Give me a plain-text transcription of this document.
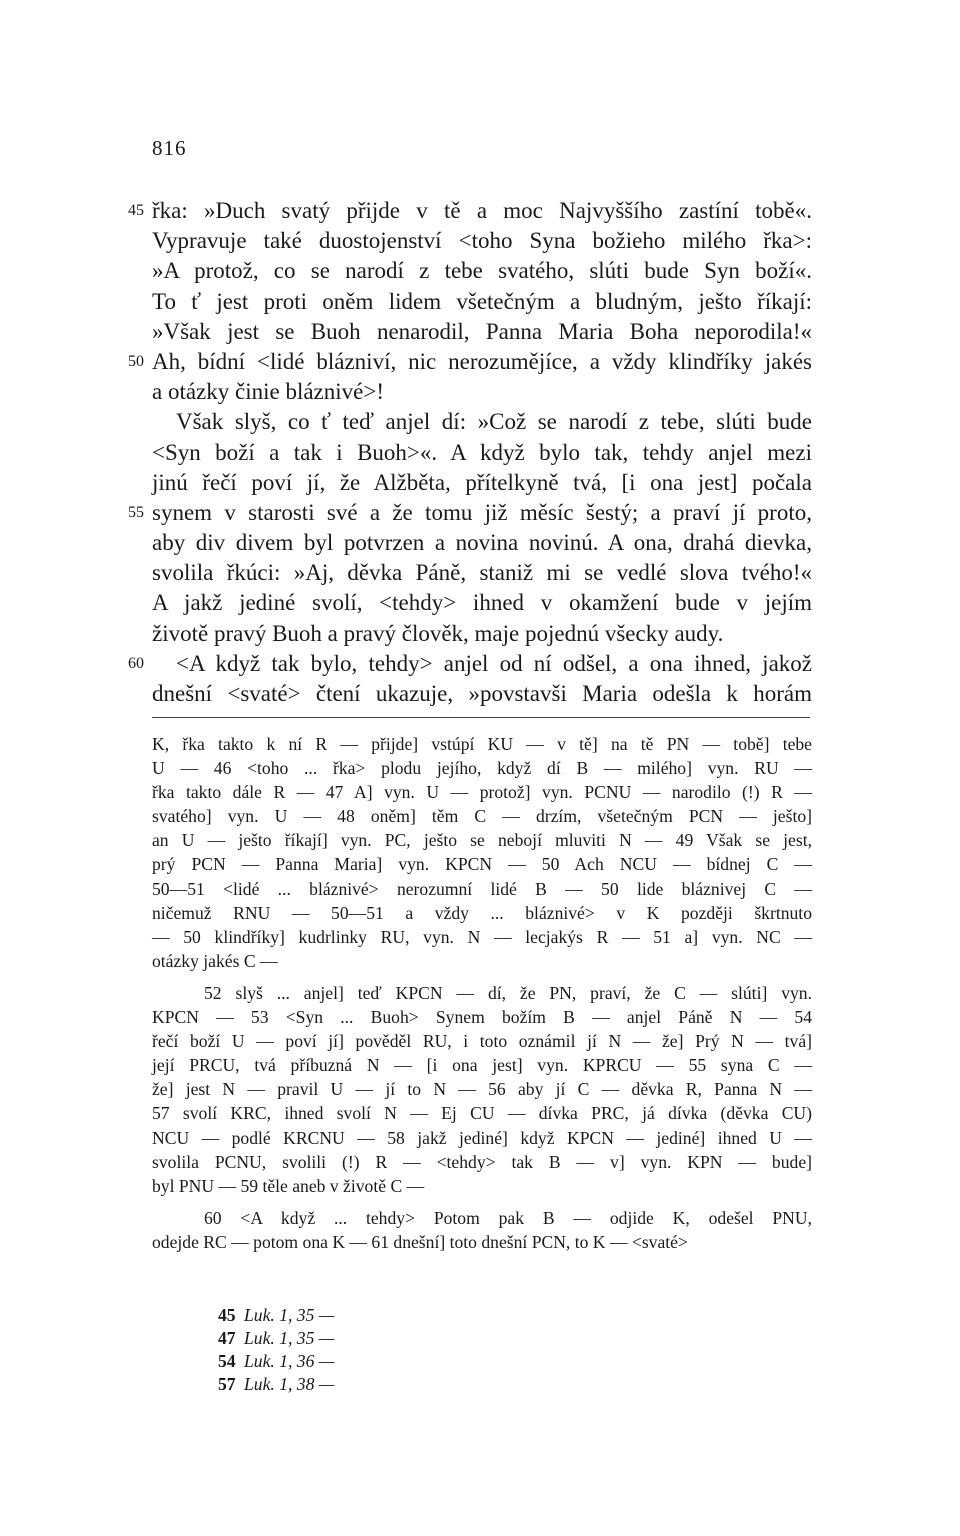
816
45 řka: »Duch svatý přijde v tě a moc Najvyššího zastíní tobě«.
Vypravuje také duostojenství <toho Syna božieho milého řka>:
»A protož, co se narodí z tebe svatého, slúti bude Syn boží«.
To ť jest proti oněm lidem všetečným a bludným, ješto říkají:
»Však jest se Buoh nenarodil, Panna Maria Boha neporodila!«
50 Ah, bídní <lidé blázniví, nic nerozumějíce, a vždy klindříky jakés
a otázky činie bláznivé>!
Však slyš, co ť teď anjel dí: »Což se narodí z tebe, slúti bude
<Syn boží a tak i Buoh>«. A když bylo tak, tehdy anjel mezi
jinú řečí poví jí, že Alžběta, přítelkyně tvá, [i ona jest] počala
55 synem v starosti své a že tomu již měsíc šestý; a praví jí proto,
aby div divem byl potvrzen a novina novinú. A ona, drahá dievka,
svolila řkúci: »Aj, děvka Páně, staniž mi se vedlé slova tvého!«
A jakž jediné svolí, <tehdy> ihned v okamžení bude v jejím
životě pravý Buoh a pravý člověk, maje pojednú všecky audy.
60 <A když tak bylo, tehdy> anjel od ní odšel, a ona ihned, jakož
dnešní <svaté> čtení ukazuje, »povstavši Maria odešla k horám
K, řka takto k ní R — přijde] vstúpí KU — v tě] na tě PN — tobě] tebe
U — 46 <toho ... řka> plodu jejího, když dí B — milého] vyn. RU —
řka takto dále R — 47 A] vyn. U — protož] vyn. PCNU — narodilo (!) R —
svatého] vyn. U — 48 oněm] těm C — drzím, všetečným PCN — ješto]
an U — ješto říkají] vyn. PC, ješto se nebojí mluviti N — 49 Však se jest,
prý PCN — Panna Maria] vyn. KPCN — 50 Ach NCU — bídnej C —
50—51 <lidé ... bláznivé> nerozumní lidé B — 50 lide bláznivej C —
ničemuž RNU — 50—51 a vždy ... bláznivé> v K později škrtnuto
— 50 klindříky] kudrlinky RU, vyn. N — lecjakýs R — 51 a] vyn. NC —
otázky jakés C —
52 slyš ... anjel] teď KPCN — dí, že PN, praví, že C — slúti] vyn.
KPCN — 53 <Syn ... Buoh> Synem božím B — anjel Páně N — 54
řečí boží U — poví jí] pověděl RU, i toto oznámil jí N — že] Prý N — tvá]
její PRCU, tvá příbuzná N — [i ona jest] vyn. KPRCU — 55 syna C —
že] jest N — pravil U — jí to N — 56 aby jí C — děvka R, Panna N —
57 svolí KRC, ihned svolí N — Ej CU — dívka PRC, já dívka (děvka CU)
NCU — podlé KRCNU — 58 jakž jediné] když KPCN — jediné] ihned U —
svolila PCNU, svolili (!) R — <tehdy> tak B — v] vyn. KPN — bude]
byl PNU — 59 těle aneb v životě C —
60 <A když ... tehdy> Potom pak B — odjide K, odešel PNU,
odejde RC — potom ona K — 61 dnešní] toto dnešní PCN, to K — <svaté>
45 Luk. 1, 35 —
47 Luk. 1, 35 —
54 Luk. 1, 36 —
57 Luk. 1, 38 —
